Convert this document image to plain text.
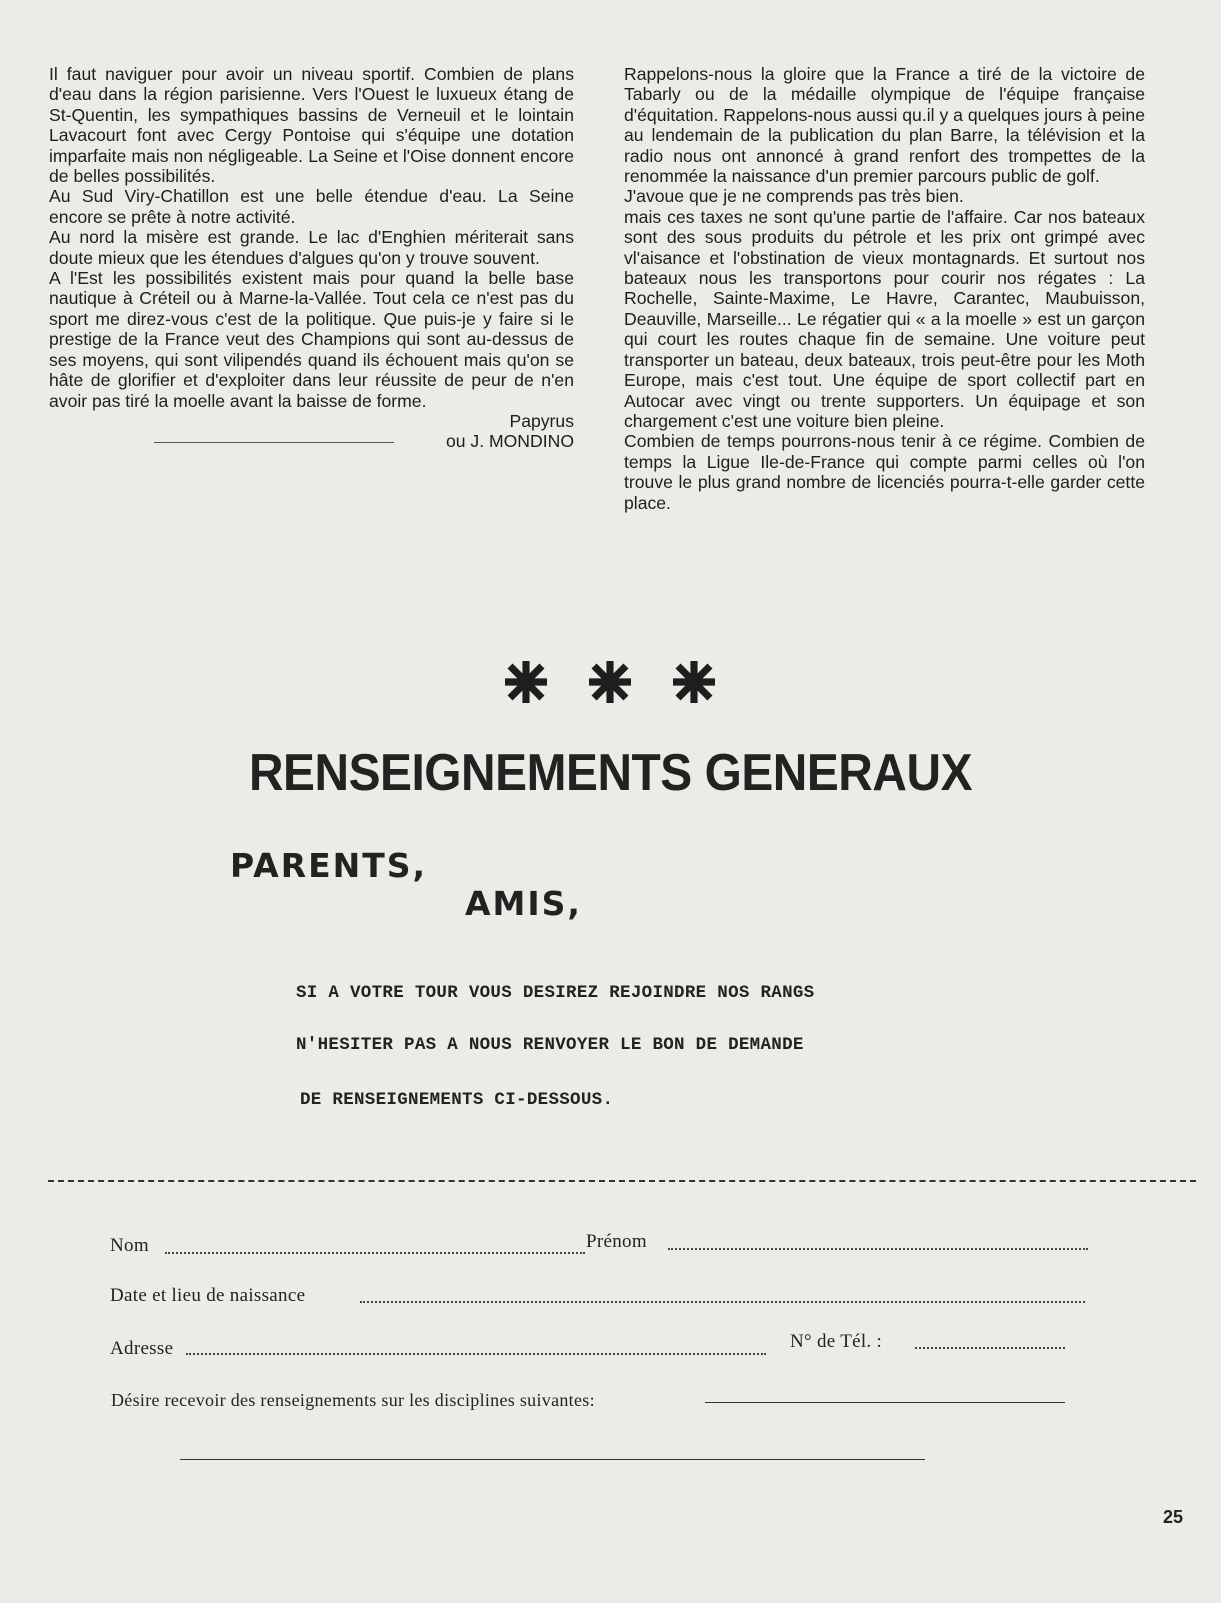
Il faut naviguer pour avoir un niveau sportif. Combien de plans d'eau dans la région parisienne. Vers l'Ouest le luxueux étang de St-Quentin, les sympathiques bassins de Verneuil et le lointain Lavacourt font avec Cergy Pontoise qui s'équipe une dotation imparfaite mais non négligeable. La Seine et l'Oise donnent encore de belles possibilités.

Au Sud Viry-Chatillon est une belle étendue d'eau. La Seine encore se prête à notre activité.

Au nord la misère est grande. Le lac d'Enghien mériterait sans doute mieux que les étendues d'algues qu'on y trouve souvent.

A l'Est les possibilités existent mais pour quand la belle base nautique à Créteil ou à Marne-la-Vallée. Tout cela ce n'est pas du sport me direz-vous c'est de la politique. Que puis-je y faire si le prestige de la France veut des Champions qui sont au-dessus de ses moyens, qui sont vilipendés quand ils échouent mais qu'on se hâte de glorifier et d'exploiter dans leur réussite de peur de n'en avoir pas tiré la moelle avant la baisse de forme.

Papyrus

ou J. MONDINO

Rappelons-nous la gloire que la France a tiré de la victoire de Tabarly ou de la médaille olympique de l'équipe française d'équitation. Rappelons-nous aussi qu.il y a quelques jours à peine au lendemain de la publication du plan Barre, la télévision et la radio nous ont annoncé à grand renfort des trompettes de la renommée la naissance d'un premier parcours public de golf.

J'avoue que je ne comprends pas très bien.

mais ces taxes ne sont qu'une partie de l'affaire. Car nos bateaux sont des sous produits du pétrole et les prix ont grimpé avec vl'aisance et l'obstination de vieux montagnards. Et surtout nos bateaux nous les transportons pour courir nos régates : La Rochelle, Sainte-Maxime, Le Havre, Carantec, Maubuisson, Deauville, Marseille... Le régatier qui « a la moelle » est un garçon qui court les routes chaque fin de semaine. Une voiture peut transporter un bateau, deux bateaux, trois peut-être pour les Moth Europe, mais c'est tout. Une équipe de sport collectif part en Autocar avec vingt ou trente supporters. Un équipage et son chargement c'est une voiture bien pleine.

Combien de temps pourrons-nous tenir à ce régime. Combien de temps la Ligue Ile-de-France qui compte parmi celles où l'on trouve le plus grand nombre de licenciés pourra-t-elle garder cette place.

RENSEIGNEMENTS GENERAUX
PARENTS,
AMIS,
SI A VOTRE TOUR VOUS DESIREZ REJOINDRE NOS RANGS
N'HESITER PAS A NOUS RENVOYER LE BON DE DEMANDE
DE RENSEIGNEMENTS CI-DESSOUS.
Nom	Prénom
Date et lieu de naissance
Adresse	N° de Tél. :
Désire recevoir des renseignements sur les disciplines suivantes:
25
